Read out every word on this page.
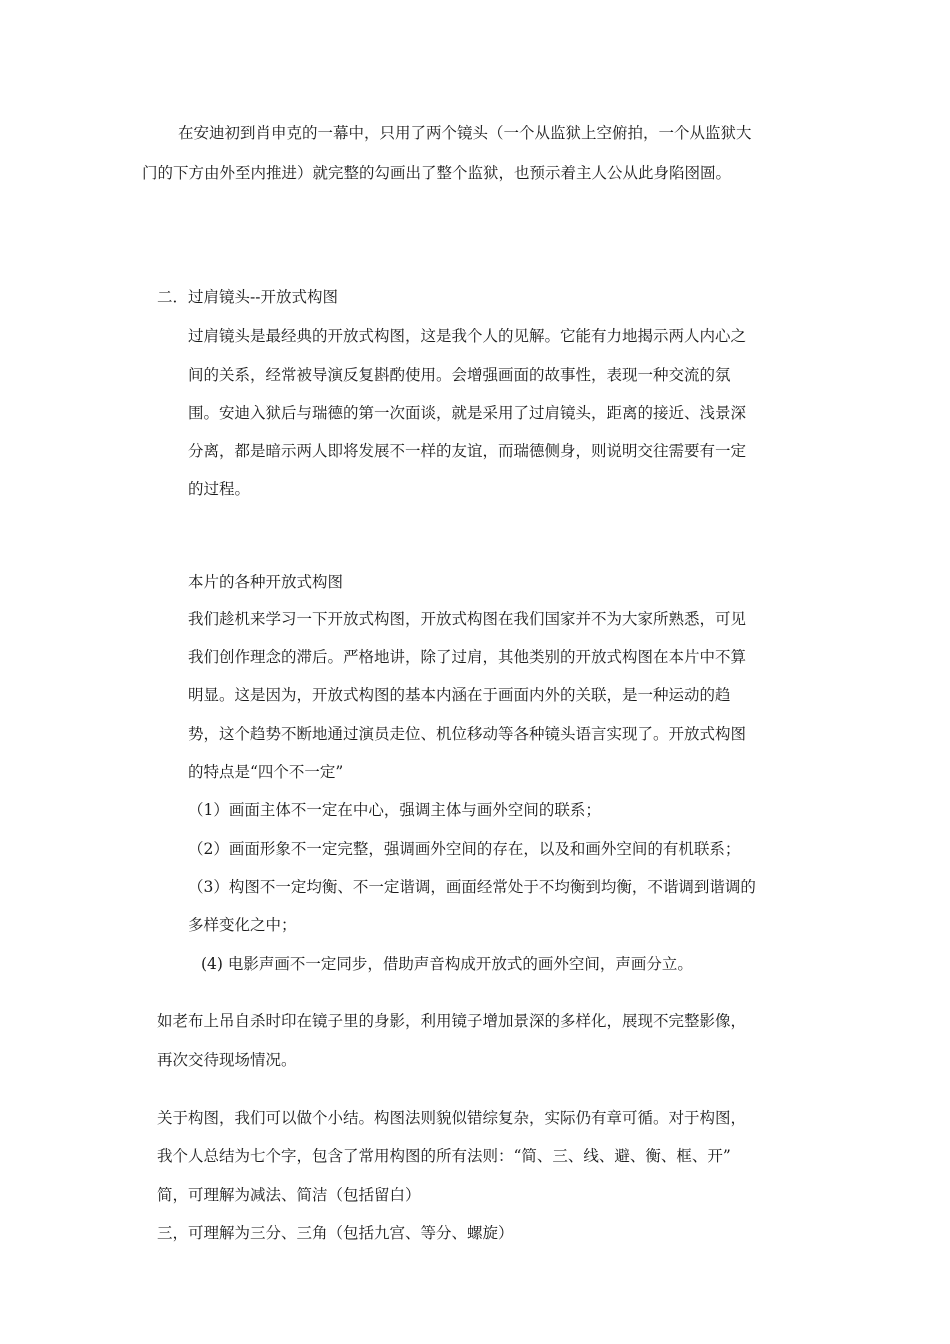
在安迪初到肖申克的一幕中，只用了两个镜头（一个从监狱上空俯拍，一个从监狱大

门的下方由外至内推进）就完整的勾画出了整个监狱，也预示着主人公从此身陷囹圄。

二．过肩镜头--开放式构图

过肩镜头是最经典的开放式构图，这是我个人的见解。它能有力地揭示两人内心之

间的关系，经常被导演反复斟酌使用。会增强画面的故事性，表现一种交流的氛

围。安迪入狱后与瑞德的第一次面谈，就是采用了过肩镜头，距离的接近、浅景深

分离，都是暗示两人即将发展不一样的友谊，而瑞德侧身，则说明交往需要有一定

的过程。

本片的各种开放式构图

我们趁机来学习一下开放式构图，开放式构图在我们国家并不为大家所熟悉，可见

我们创作理念的滞后。严格地讲，除了过肩，其他类别的开放式构图在本片中不算

明显。这是因为，开放式构图的基本内涵在于画面内外的关联，是一种运动的趋

势，这个趋势不断地通过演员走位、机位移动等各种镜头语言实现了。开放式构图

的特点是“四个不一定”

（1）画面主体不一定在中心，强调主体与画外空间的联系；

（2）画面形象不一定完整，强调画外空间的存在，以及和画外空间的有机联系；

（3）构图不一定均衡、不一定谐调，画面经常处于不均衡到均衡，不谐调到谐调的

多样变化之中；

(4) 电影声画不一定同步，借助声音构成开放式的画外空间，声画分立。

如老布上吊自杀时印在镜子里的身影，利用镜子增加景深的多样化，展现不完整影像，

再次交待现场情况。

关于构图，我们可以做个小结。构图法则貌似错综复杂，实际仍有章可循。对于构图，

我个人总结为七个字，包含了常用构图的所有法则：“简、三、线、避、衡、框、开”

简，可理解为减法、简洁（包括留白）

三，可理解为三分、三角（包括九宫、等分、螺旋）
